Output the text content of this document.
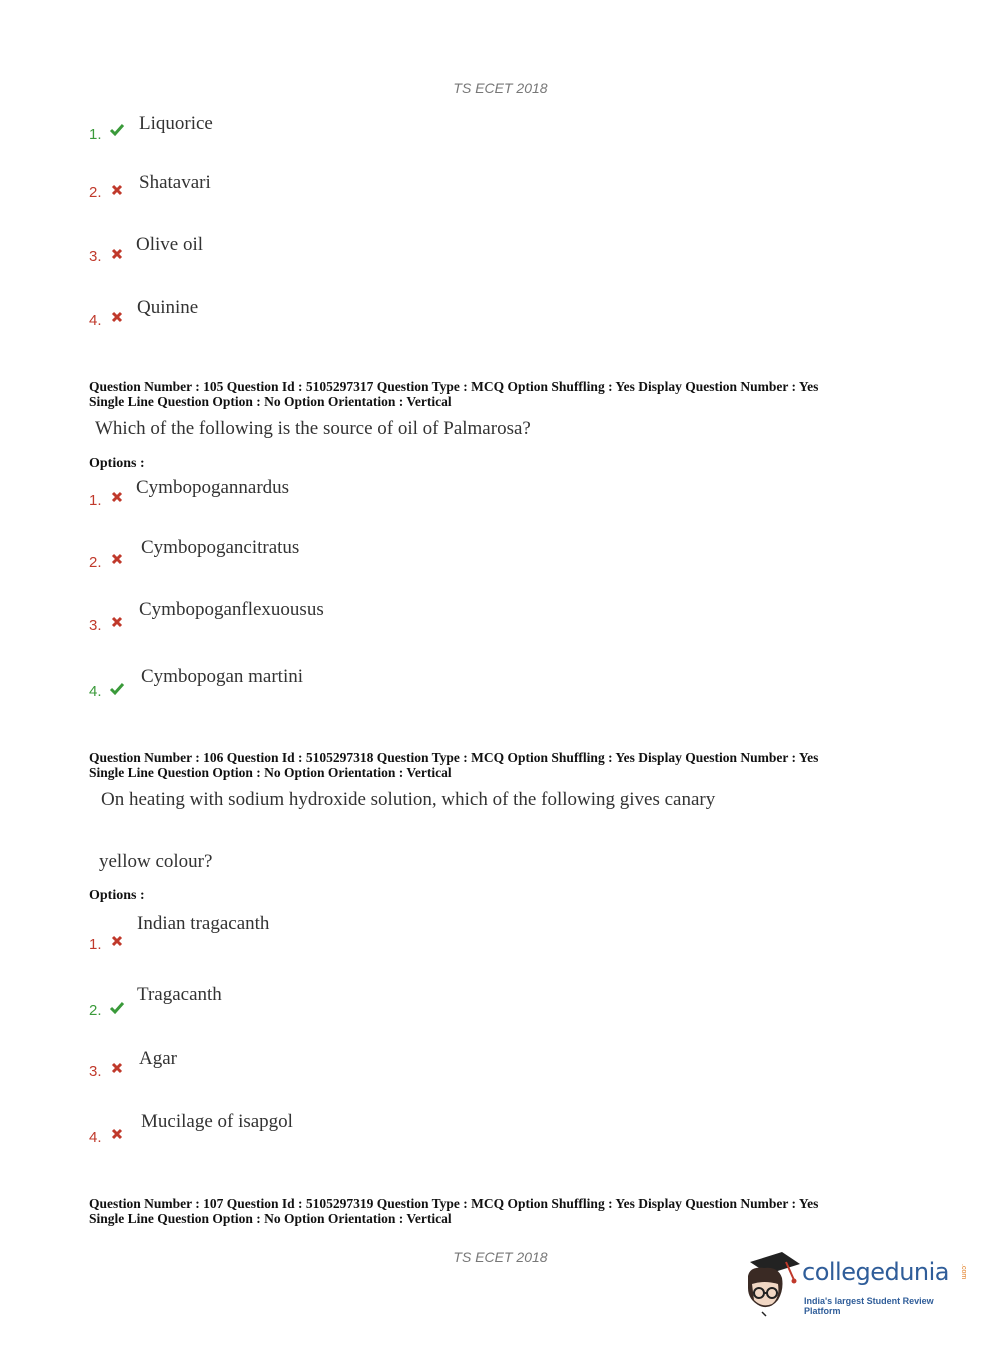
TS ECET 2018
1.
Liquorice
2. Shatavari
3.
Olive oil
4.
Quinine
Question Number : 105 Question Id : 5105297317 Question Type : MCQ Option Shuffling : Yes Display Question Number : Yes
Single Line Question Option : No Option Orientation : Vertical
Which of the following is the source of oil of Palmarosa?
Options :
1.
Cymbopogannardus
2.
Cymbopogancitratus
3.
Cymbopoganflexuousus
4.
Cymbopogan martini
Question Number : 106 Question Id : 5105297318 Question Type : MCQ Option Shuffling : Yes Display Question Number : Yes
Single Line Question Option : No Option Orientation : Vertical
On heating with sodium hydroxide solution, which of the following gives canary
yellow colour?
Options :
1.
Indian tragacanth
2.
Tragacanth
3.
Agar
4.
Mucilage of isapgol
Question Number : 107 Question Id : 5105297319 Question Type : MCQ Option Shuffling : Yes Display Question Number : Yes
Single Line Question Option : No Option Orientation : Vertical
TS ECET 2018
collegedunia .com
India's largest Student Review Platform
